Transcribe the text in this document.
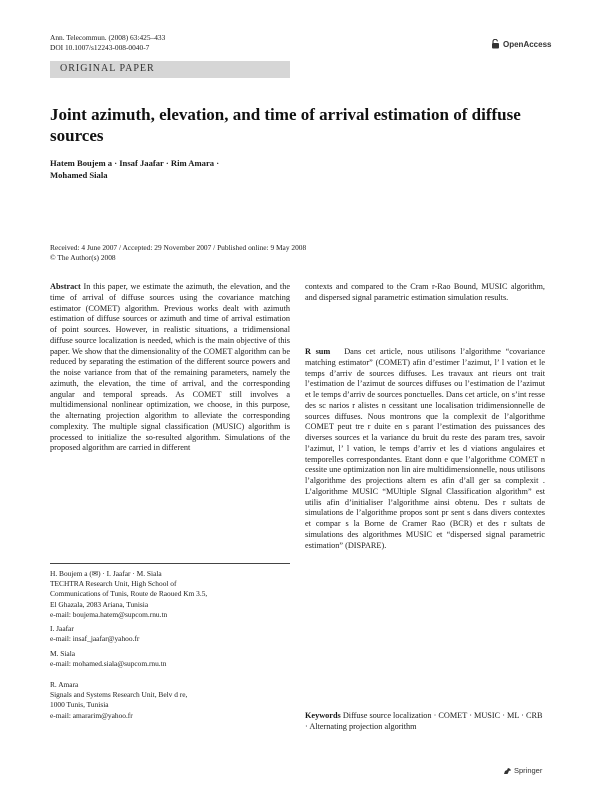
Ann. Telecommun. (2008) 63:425–433
DOI 10.1007/s12243-008-0040-7	OpenAccess
ORIGINAL PAPER
Joint azimuth, elevation, and time of arrival estimation of diffuse sources
Hatem Boujem a · Insaf Jaafar · Rim Amara ·
Mohamed Siala
Received: 4 June 2007 / Accepted: 29 November 2007 / Published online: 9 May 2008
© The Author(s) 2008

Abstract In this paper, we estimate the azimuth, the elevation, and the time of arrival of diffuse sources using the covariance matching estimator (COMET) algorithm. Previous works dealt with azimuth estimation of diffuse sources or azimuth and time of arrival estimation of point sources. However, in realistic situations, a tridimensional diffuse source localization is needed, which is the main objective of this paper. We show that the dimensionality of the COMET algorithm can be reduced by separating the estimation of the different source powers and the noise variance from that of the remaining parameters, namely the azimuth, the elevation, the time of arrival, and the corresponding angular and temporal spreads. As COMET still involves a multidimensional nonlinear optimization, we choose, in this purpose, the alternating projection algorithm to alleviate the corresponding complexity. The multiple signal classification (MUSIC) algorithm is processed to initialize the so-resulted algorithm. Simulations of the proposed algorithm are carried in different

H. Boujem a (✉) · I. Jaafar · M. Siala

TECHTRA Research Unit, High School of

Communications of Tunis, Route de Raoued Km 3.5,

El Ghazala, 2083 Ariana, Tunisia

e-mail: boujema.hatem@supcom.rnu.tn

I. Jaafar

e-mail: insaf_jaafar@yahoo.fr

M. Siala

e-mail: mohamed.siala@supcom.rnu.tn

R. Amara

Signals and Systems Research Unit, Belv d re,

1000 Tunis, Tunisia

e-mail: amararim@yahoo.fr

contexts and compared to the Cram r-Rao Bound, MUSIC algorithm, and dispersed signal parametric estimation simulation results.

R sum Dans cet article, nous utilisons l’algorithme “covariance matching estimator” (COMET) afin d’estimer l’azimut, l’ l vation et le temps d’arriv de sources diffuses. Les travaux ant rieurs ont trait l’estimation de l’azimut de sources diffuses ou l’estimation de l’azimut et le temps d’arriv de sources ponctuelles. Dans cet article, on s’int resse des sc narios r alistes n cessitant une localisation tridimensionnelle de sources diffuses. Nous montrons que la complexit de l’algorithme COMET peut tre r duite en s parant l’estimation des puissances des diverses sources et la variance du bruit du reste des param tres, savoir l’azimut, l’ l vation, le temps d’arriv et les d viations angulaires et temporelles correspondantes. Etant donn e que l’algorithme COMET n cessite une optimization non lin aire multidimensionnelle, nous utilisons l’algorithme des projections altern es afin d’all ger sa complexit . L’algorithme MUSIC “MUltiple SIgnal Classification algorithm” est utilis afin d’initialiser l’algorithme ainsi obtenu. Des r sultats de simulations de l’algorithme propos sont pr sent s dans divers contextes et compar s la Borne de Cramer Rao (BCR) et des r sultats de simulations des algorithmes MUSIC et “dispersed signal parametric estimation” (DISPARE).

Keywords Diffuse source localization · COMET · MUSIC · ML · CRB · Alternating projection algorithm

Springer
